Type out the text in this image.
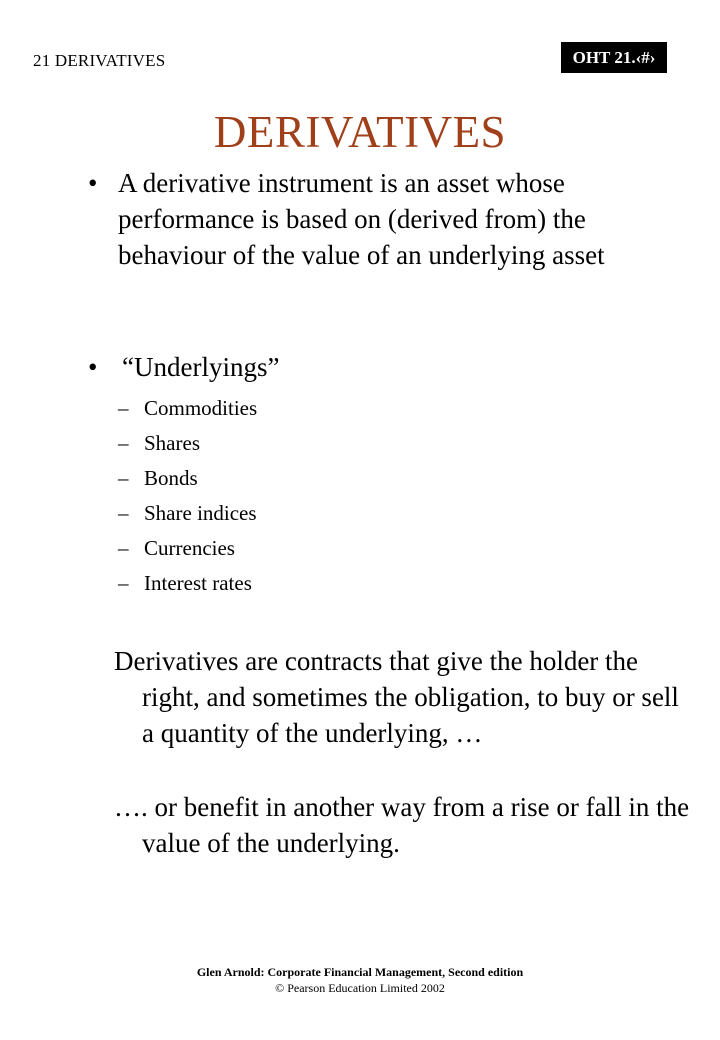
21 DERIVATIVES	OHT 21.‹#›
DERIVATIVES
• A derivative instrument is an asset whose performance is based on (derived from) the behaviour of the value of an underlying asset
• “Underlyings”
– Commodities
– Shares
– Bonds
– Share indices
– Currencies
– Interest rates
Derivatives are contracts that give the holder the right, and sometimes the obligation, to buy or sell a quantity of the underlying, …
…. or benefit in another way from a rise or fall in the value of the underlying.
Glen Arnold: Corporate Financial Management, Second edition
© Pearson Education Limited 2002
